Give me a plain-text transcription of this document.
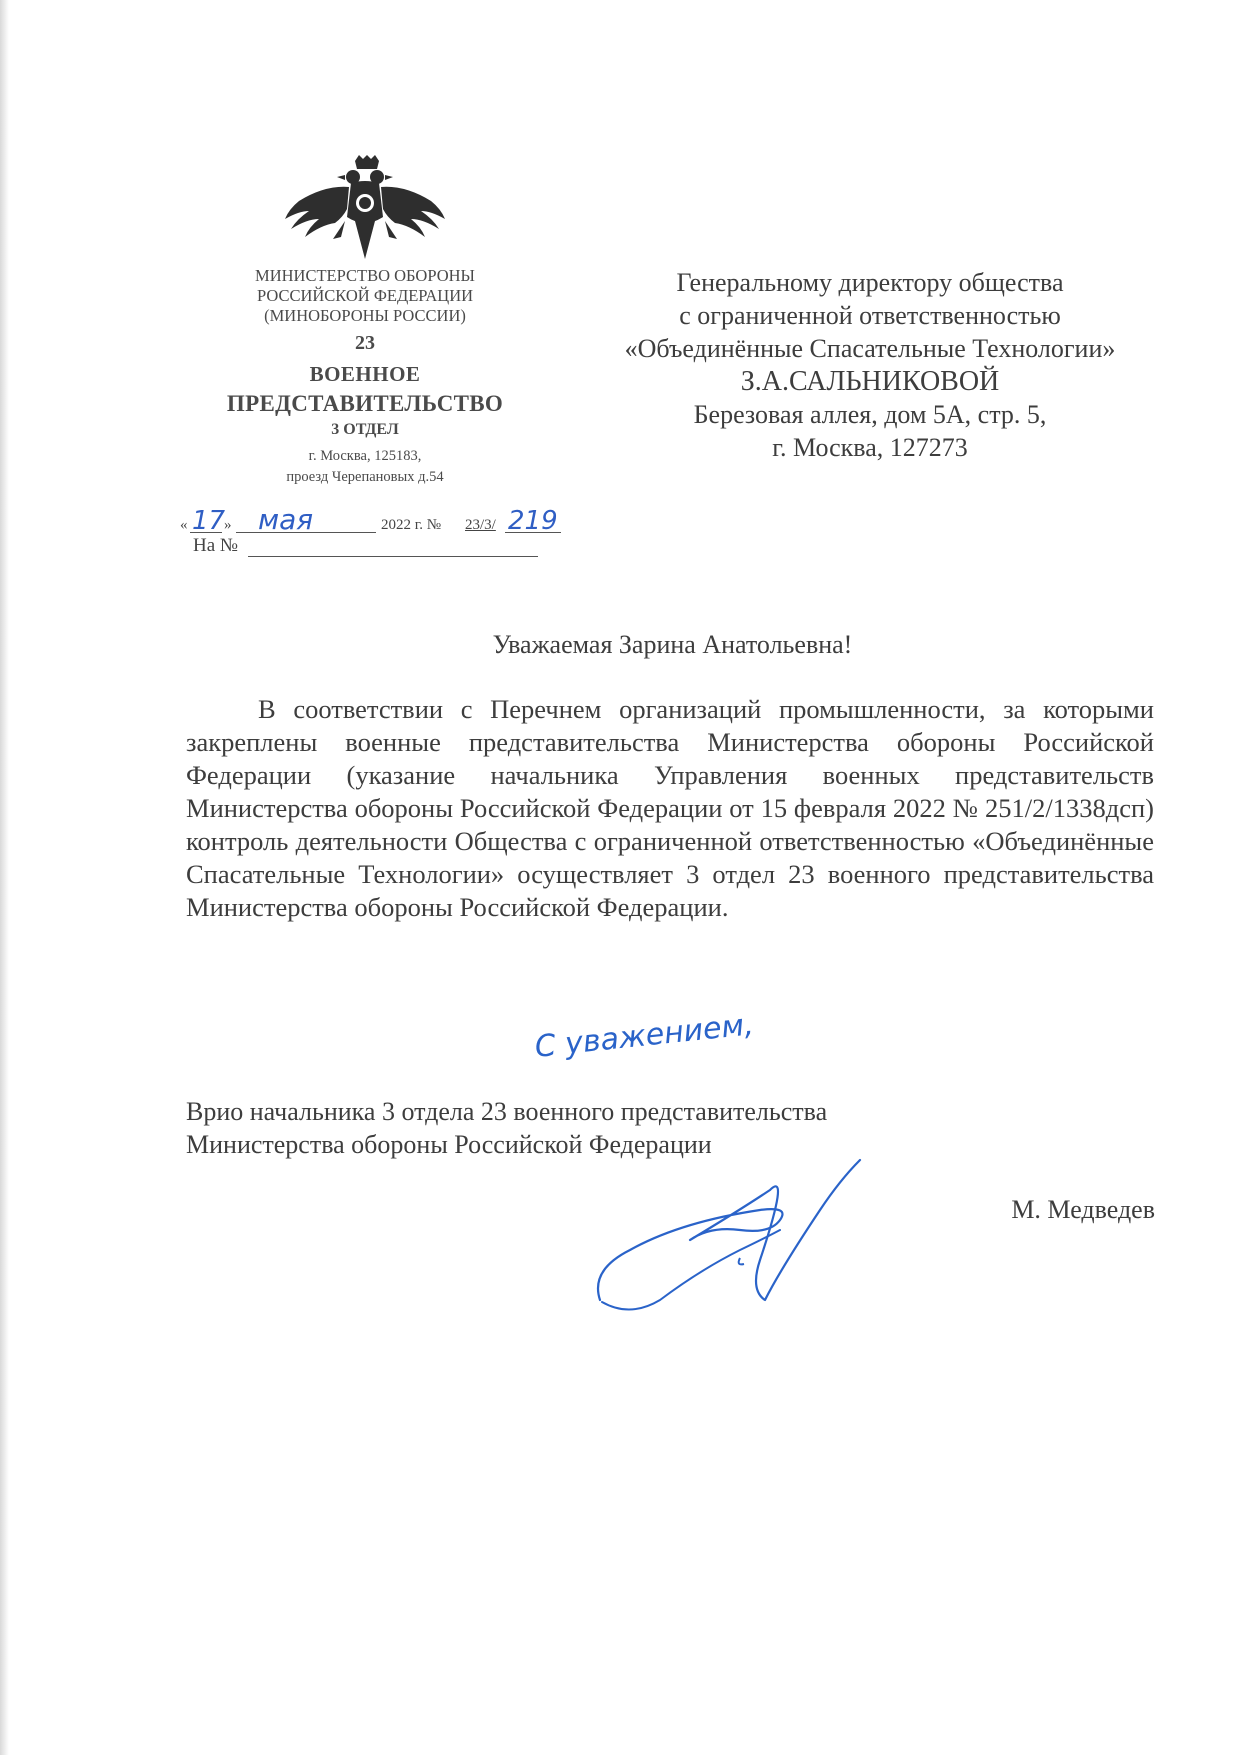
МИНИСТЕРСТВО ОБОРОНЫ
РОССИЙСКОЙ ФЕДЕРАЦИИ
(МИНОБОРОНЫ РОССИИ)
23
ВОЕННОЕ
ПРЕДСТАВИТЕЛЬСТВО
3 ОТДЕЛ
г. Москва, 125183,
проезд Черепановых д.54
« 17
» мая	2022 г. № 23/3/ 219
На №
Генеральному директору общества
с ограниченной ответственностью
«Объединённые Спасательные Технологии»
З.А.САЛЬНИКОВОЙ
Березовая аллея, дом 5А, стр. 5,
г. Москва, 127273
Уважаемая Зарина Анатольевна!
В соответствии с Перечнем организаций промышленности, за которыми закреплены военные представительства Министерства обороны Российской Федерации (указание начальника Управления военных представительств Министерства обороны Российской Федерации от 15 февраля 2022 № 251/2/1338дсп) контроль деятельности Общества с ограниченной ответственностью «Объединённые Спасательные Технологии» осуществляет 3 отдел 23 военного представительства Министерства обороны Российской Федерации.
С уважением,
Врио начальника 3 отдела 23 военного представительства
Министерства обороны Российской Федерации
М. Медведев
